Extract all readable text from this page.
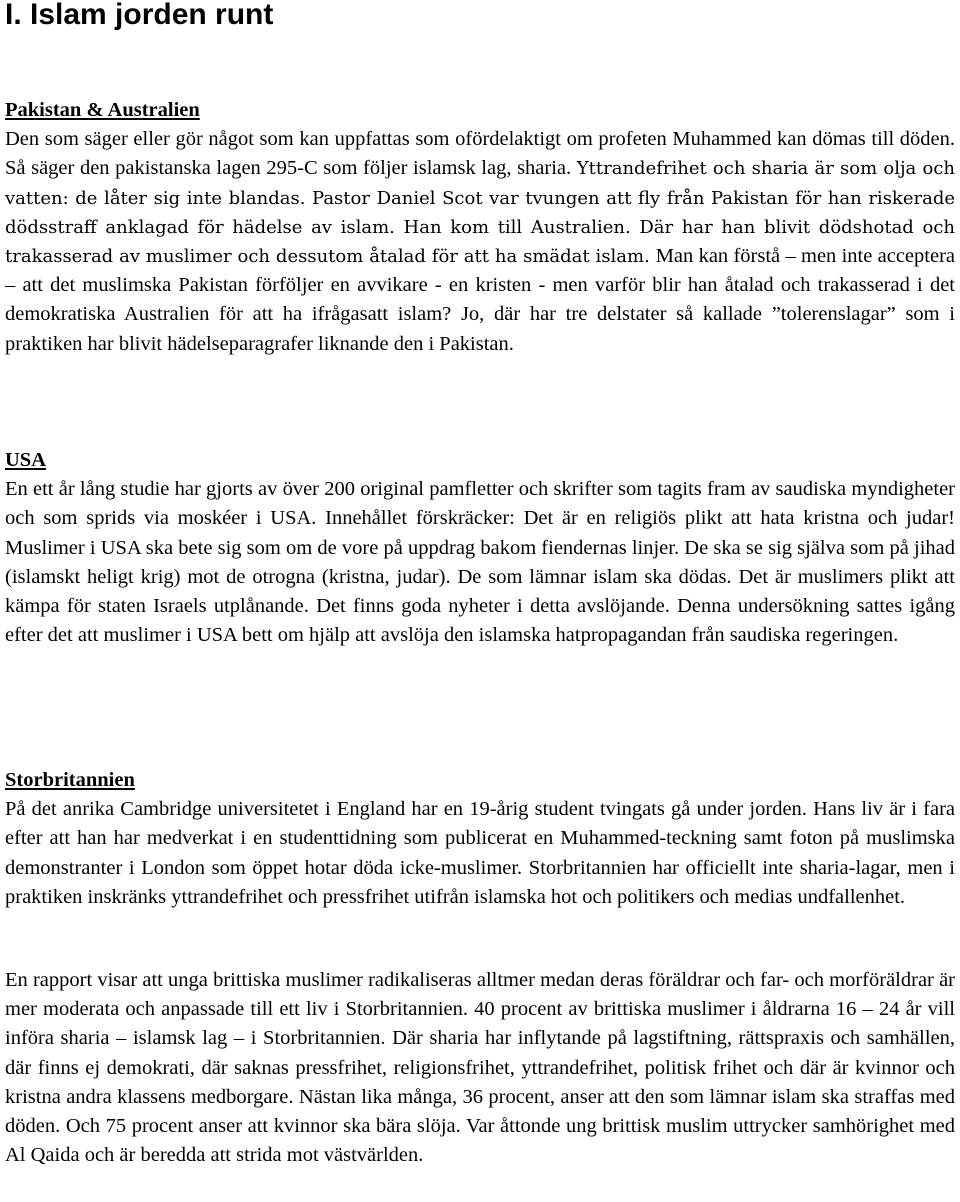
I. Islam jorden runt
Pakistan & Australien

Den som säger eller gör något som kan uppfattas som ofördelaktigt om profeten Muhammed kan dömas till döden. Så säger den pakistanska lagen 295-C som följer islamsk lag, sharia. Yttrandefrihet och sharia är som olja och vatten: de låter sig inte blandas. Pastor Daniel Scot var tvungen att fly från Pakistan för han riskerade dödsstraff anklagad för hädelse av islam. Han kom till Australien. Där har han blivit dödshotad och trakasserad av muslimer och dessutom åtalad för att ha smädat islam. Man kan förstå – men inte acceptera – att det muslimska Pakistan förföljer en avvikare - en kristen - men varför blir han åtalad och trakasserad i det demokratiska Australien för att ha ifrågasatt islam? Jo, där har tre delstater så kallade ”tolerenslagar” som i praktiken har blivit hädelseparagrafer liknande den i Pakistan.

USA

En ett år lång studie har gjorts av över 200 original pamfletter och skrifter som tagits fram av saudiska myndigheter och som sprids via moskéer i USA. Innehållet förskräcker: Det är en religiös plikt att hata kristna och judar! Muslimer i USA ska bete sig som om de vore på uppdrag bakom fiendernas linjer. De ska se sig själva som på jihad (islamskt heligt krig) mot de otrogna (kristna, judar). De som lämnar islam ska dödas. Det är muslimers plikt att kämpa för staten Israels utplånande. Det finns goda nyheter i detta avslöjande. Denna undersökning sattes igång efter det att muslimer i USA bett om hjälp att avslöja den islamska hatpropagandan från saudiska regeringen.

Storbritannien

På det anrika Cambridge universitetet i England har en 19-årig student tvingats gå under jorden. Hans liv är i fara efter att han har medverkat i en studenttidning som publicerat en Muhammed-teckning samt foton på muslimska demonstranter i London som öppet hotar döda icke-muslimer. Storbritannien har officiellt inte sharia-lagar, men i praktiken inskränks yttrandefrihet och pressfrihet utifrån islamska hot och politikers och medias undfallenhet.

En rapport visar att unga brittiska muslimer radikaliseras alltmer medan deras föräldrar och far- och morföräldrar är mer moderata och anpassade till ett liv i Storbritannien. 40 procent av brittiska muslimer i åldrarna 16 – 24 år vill införa sharia – islamsk lag – i Storbritannien. Där sharia har inflytande på lagstiftning, rättspraxis och samhällen, där finns ej demokrati, där saknas pressfrihet, religionsfrihet, yttrandefrihet, politisk frihet och där är kvinnor och kristna andra klassens medborgare. Nästan lika många, 36 procent, anser att den som lämnar islam ska straffas med döden. Och 75 procent anser att kvinnor ska bära slöja. Var åttonde ung brittisk muslim uttrycker samhörighet med Al Qaida och är beredda att strida mot västvärlden.
